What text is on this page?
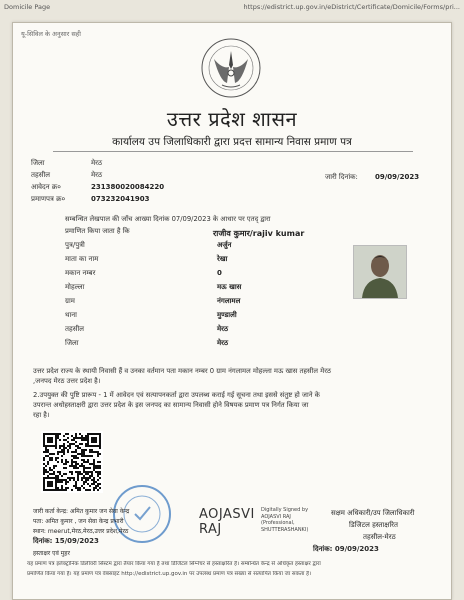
Domicile Page	https://edistrict.up.gov.in/eDistrict/Certificate/Domicile/Forms/pri...
यू-सिविल के अनुसार सही
उत्तर प्रदेश शासन
कार्यालय उप जिलाधिकारी द्वारा प्रदत्त सामान्य निवास प्रमाण पत्र
जिला	मेरठ
तहसील	मेरठ
आवेदन क्र०	231380020084220
प्रमाणपत्र क्र०	073232041903
जारी दिनांक: 09/09/2023
सम्बन्धित लेखपाल की जाँच आख्या दिनांक 07/09/2023 के आधार पर एतद् द्वारा
प्रमाणित किया जाता है कि	राजीव कुमार/rajiv kumar
पुत्र/पुत्री	अर्जुन
माता का नाम	रेखा
मकान नम्बर	0
मोहल्ला	मऊ खास
ग्राम	नंगलामल
थाना	मुण्डाली
तहसील	मेरठ
जिला	मेरठ
उत्तर प्रदेश राज्य के स्थायी निवासी हैं व उनका वर्तमान पता मकान नम्बर 0 ग्राम नंगलामल मोहल्ला मऊ खास तहसील मेरठ
,जनपद मेरठ उत्तर प्रदेश है।
2.उपयुक्त की पुष्टि प्रारूप - 1 में आवेदन एवं सत्यापनकर्ता द्वारा उपलब्ध कराई गई सूचना तथा इससे संतुष्ट हो जाने के
उपरान्त अधोहस्ताक्षरी द्वारा उत्तर प्रदेश के इस जनपद का सामान्य निवासी होने विषयक प्रमाण पत्र निर्गत किया जा
रहा है।
जारी कर्ता केन्द्र: अमित कुमार जन सेवा केन्द्र
पता: अमित कुमार , जन सेवा केन्द्र प्रभारी
स्थान: meerut,मेरठ,मेरठ,उत्तर प्रदेश,मेरठ
दिनांक: 15/09/2023
हस्ताक्षर एवं मुहर
AOJASVI RAJ
Digitally Signed by
AOJASVI RAJ
(Professional,
SHUTTERASHANKI)
सक्षम अधिकारी/उप जिलाधिकारी
डिजिटल हस्ताक्षरित
तहसील-मेरठ
दिनांक: 09/09/2023
यह प्रमाण पत्र इलेक्ट्रॉनिक डिलीवरी सिस्टम द्वारा तैयार किया गया है तथा डिजिटल सिग्नेचर से हस्ताक्षरित है। सम्बन्धित केन्द्र से अधिकृत हस्ताक्षर द्वारा
प्रमाणित किया गया है। यह प्रमाण पत्र वेबसाइट http://edistrict.up.gov.in पर उपलब्ध प्रमाण पत्र संख्या से सत्यापित किया जा सकता है।
